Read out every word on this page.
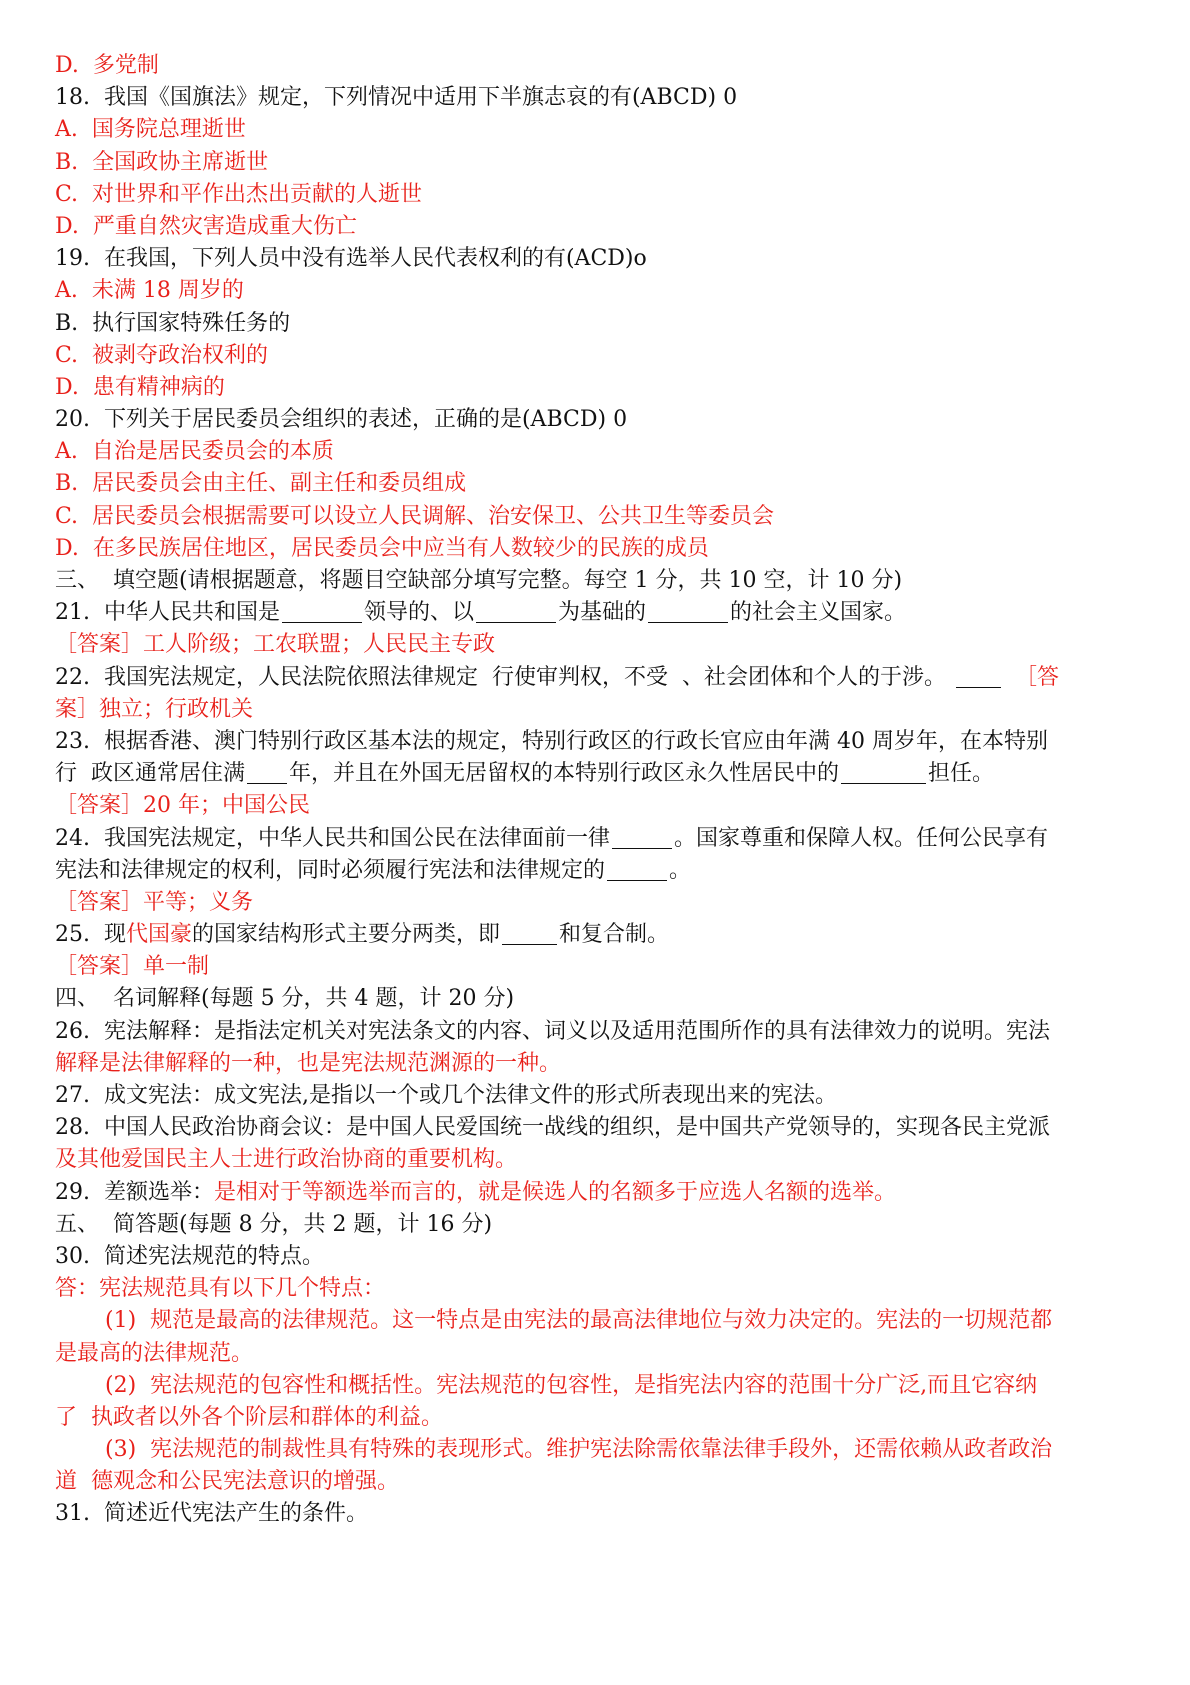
D.  多党制
18.  我国《国旗法》规定，下列情况中适用下半旗志哀的有(ABCD) 0
A.  国务院总理逝世
B.  全国政协主席逝世
C.  对世界和平作出杰出贡献的人逝世
D.  严重自然灾害造成重大伤亡
19.  在我国，下列人员中没有选举人民代表权利的有(ACD)o
A.  未满 18 周岁的
B.  执行国家特殊任务的
C.  被剥夺政治权利的
D.  患有精神病的
20.  下列关于居民委员会组织的表述，正确的是(ABCD) 0
A.  自治是居民委员会的本质
B.  居民委员会由主任、副主任和委员组成
C.  居民委员会根据需要可以设立人民调解、治安保卫、公共卫生等委员会
D.  在多民族居住地区，居民委员会中应当有人数较少的民族的成员
三、  填空题(请根据题意，将题目空缺部分填写完整。每空 1 分，共 10 空，计 10 分)
21.  中华人民共和国是	领导的、以	为基础的	的社会主义国家。
［答案］工人阶级；工农联盟；人民民主专政
22.  我国宪法规定，人民法院依照法律规定  行使审判权，不受  、社会团体和个人的于涉。	［答
案］独立；行政机关
23.  根据香港、澳门特别行政区基本法的规定，特别行政区的行政长官应由年满 40 周岁年，在本特别
行  政区通常居住满 年，并且在外国无居留权的本特别行政区永久性居民中的	担任。
［答案］20 年；中国公民
24.  我国宪法规定，中华人民共和国公民在法律面前一律	。国家尊重和保障人权。任何公民享有
宪法和法律规定的权利，同时必须履行宪法和法律规定的	。
［答案］平等；义务
25.  现代国豪的国家结构形式主要分两类，即	和复合制。
［答案］单一制
四、  名词解释(每题 5 分，共 4 题，计 20 分)
26.  宪法解释：是指法定机关对宪法条文的内容、词义以及适用范围所作的具有法律效力的说明。宪法
解释是法律解释的一种，也是宪法规范渊源的一种。
27.  成文宪法：成文宪法,是指以一个或几个法律文件的形式所表现出来的宪法。
28.  中国人民政治协商会议：是中国人民爱国统一战线的组织，是中国共产党领导的，实现各民主党派
及其他爱国民主人士进行政治协商的重要机构。
29.  差额选举：是相对于等额选举而言的，就是候选人的名额多于应选人名额的选举。
五、  简答题(每题 8 分，共 2 题，计 16 分)
30.  简述宪法规范的特点。
答：宪法规范具有以下几个特点：
(1)  规范是最高的法律规范。这一特点是由宪法的最高法律地位与效力决定的。宪法的一切规范都
是最高的法律规范。
(2)  宪法规范的包容性和概括性。宪法规范的包容性，是指宪法内容的范围十分广泛,而且它容纳
了  执政者以外各个阶层和群体的利益。
(3)  宪法规范的制裁性具有特殊的表现形式。维护宪法除需依靠法律手段外，还需依赖从政者政治
道  德观念和公民宪法意识的增强。
31.  简述近代宪法产生的条件。
